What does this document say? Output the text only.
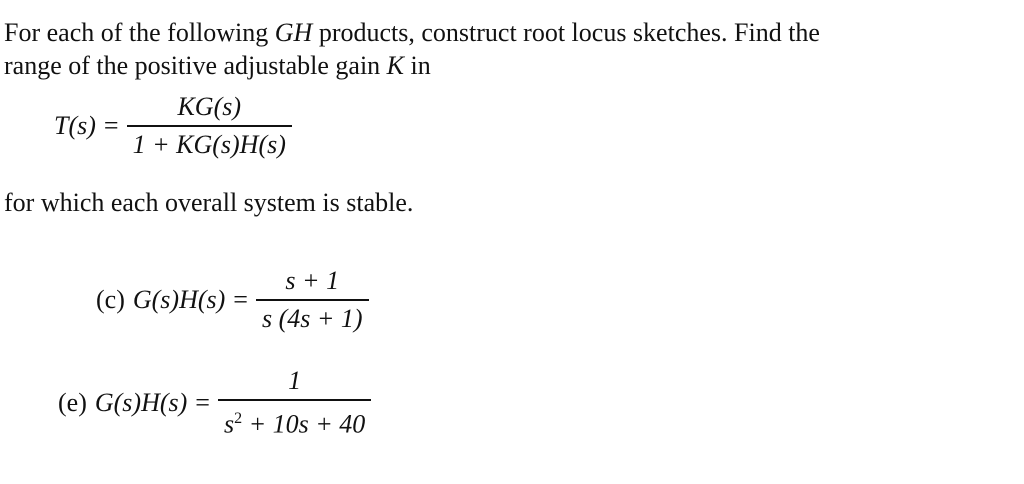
For each of the following GH products, construct root locus sketches. Find the
range of the positive adjustable gain K in
$T(s) = \frac{KG(s)}{1 + KG(s)H(s)}$
for which each overall system is stable.
(c) $G(s)H(s) = \frac{s + 1}{s (4s + 1)}$
(e) $G(s)H(s) = \frac{1}{s^2 + 10s + 40}$
